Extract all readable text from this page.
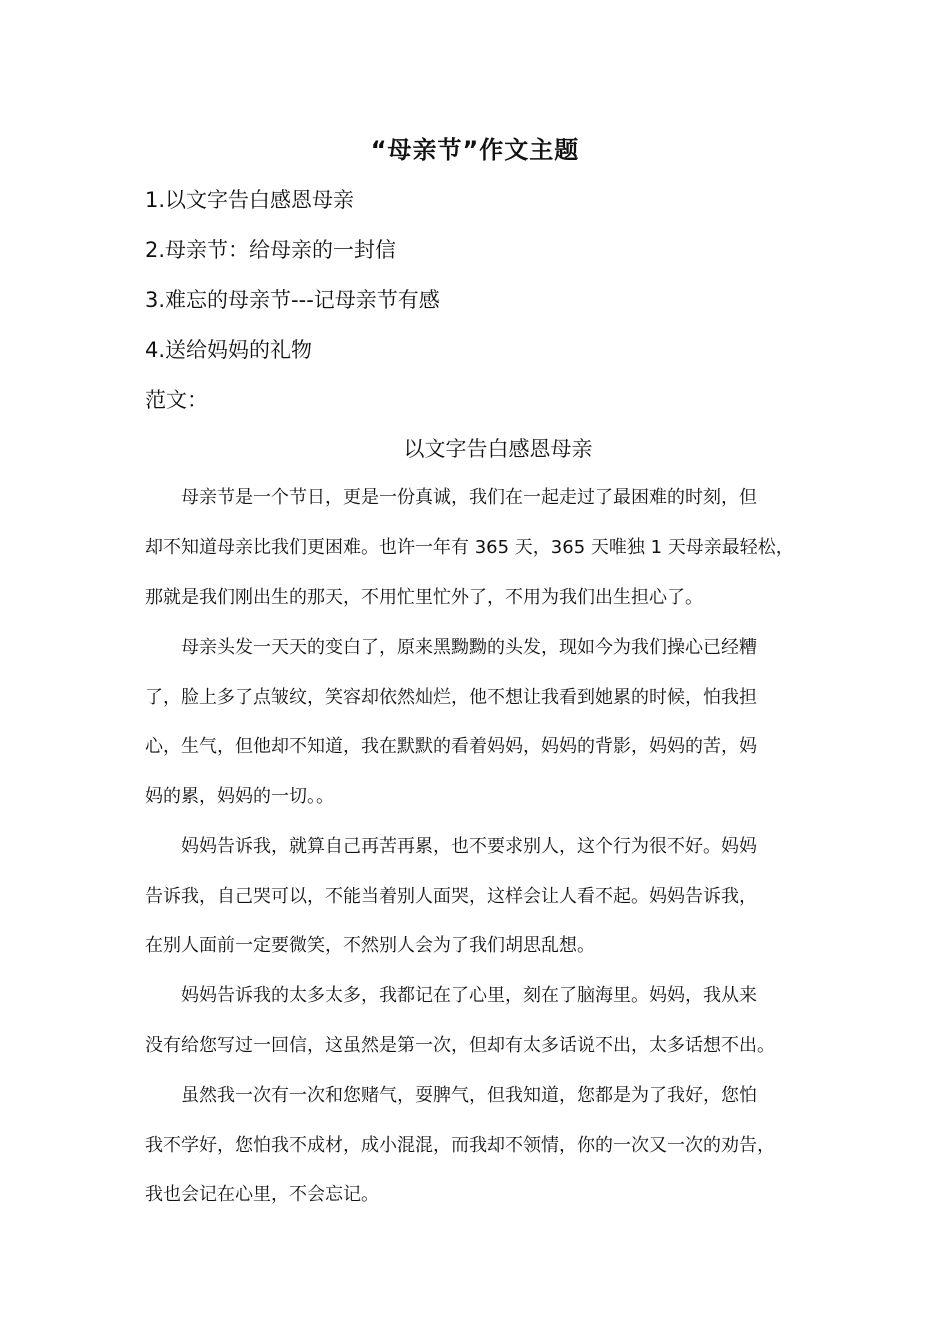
“母亲节”作文主题
1.以文字告白感恩母亲
2.母亲节：给母亲的一封信
3.难忘的母亲节---记母亲节有感
4.送给妈妈的礼物
范文：
以文字告白感恩母亲
母亲节是一个节日，更是一份真诚，我们在一起走过了最困难的时刻，但
却不知道母亲比我们更困难。也许一年有 365 天，365 天唯独 1 天母亲最轻松，
那就是我们刚出生的那天，不用忙里忙外了，不用为我们出生担心了。
母亲头发一天天的变白了，原来黑黝黝的头发，现如今为我们操心已经糟
了，脸上多了点皱纹，笑容却依然灿烂，他不想让我看到她累的时候，怕我担
心，生气，但他却不知道，我在默默的看着妈妈，妈妈的背影，妈妈的苦，妈
妈的累，妈妈的一切。。
妈妈告诉我，就算自己再苦再累，也不要求别人，这个行为很不好。妈妈
告诉我，自己哭可以，不能当着别人面哭，这样会让人看不起。妈妈告诉我，
在别人面前一定要微笑，不然别人会为了我们胡思乱想。
妈妈告诉我的太多太多，我都记在了心里，刻在了脑海里。妈妈，我从来
没有给您写过一回信，这虽然是第一次，但却有太多话说不出，太多话想不出。
虽然我一次有一次和您赌气，耍脾气，但我知道，您都是为了我好，您怕
我不学好，您怕我不成材，成小混混，而我却不领情，你的一次又一次的劝告，
我也会记在心里，不会忘记。
